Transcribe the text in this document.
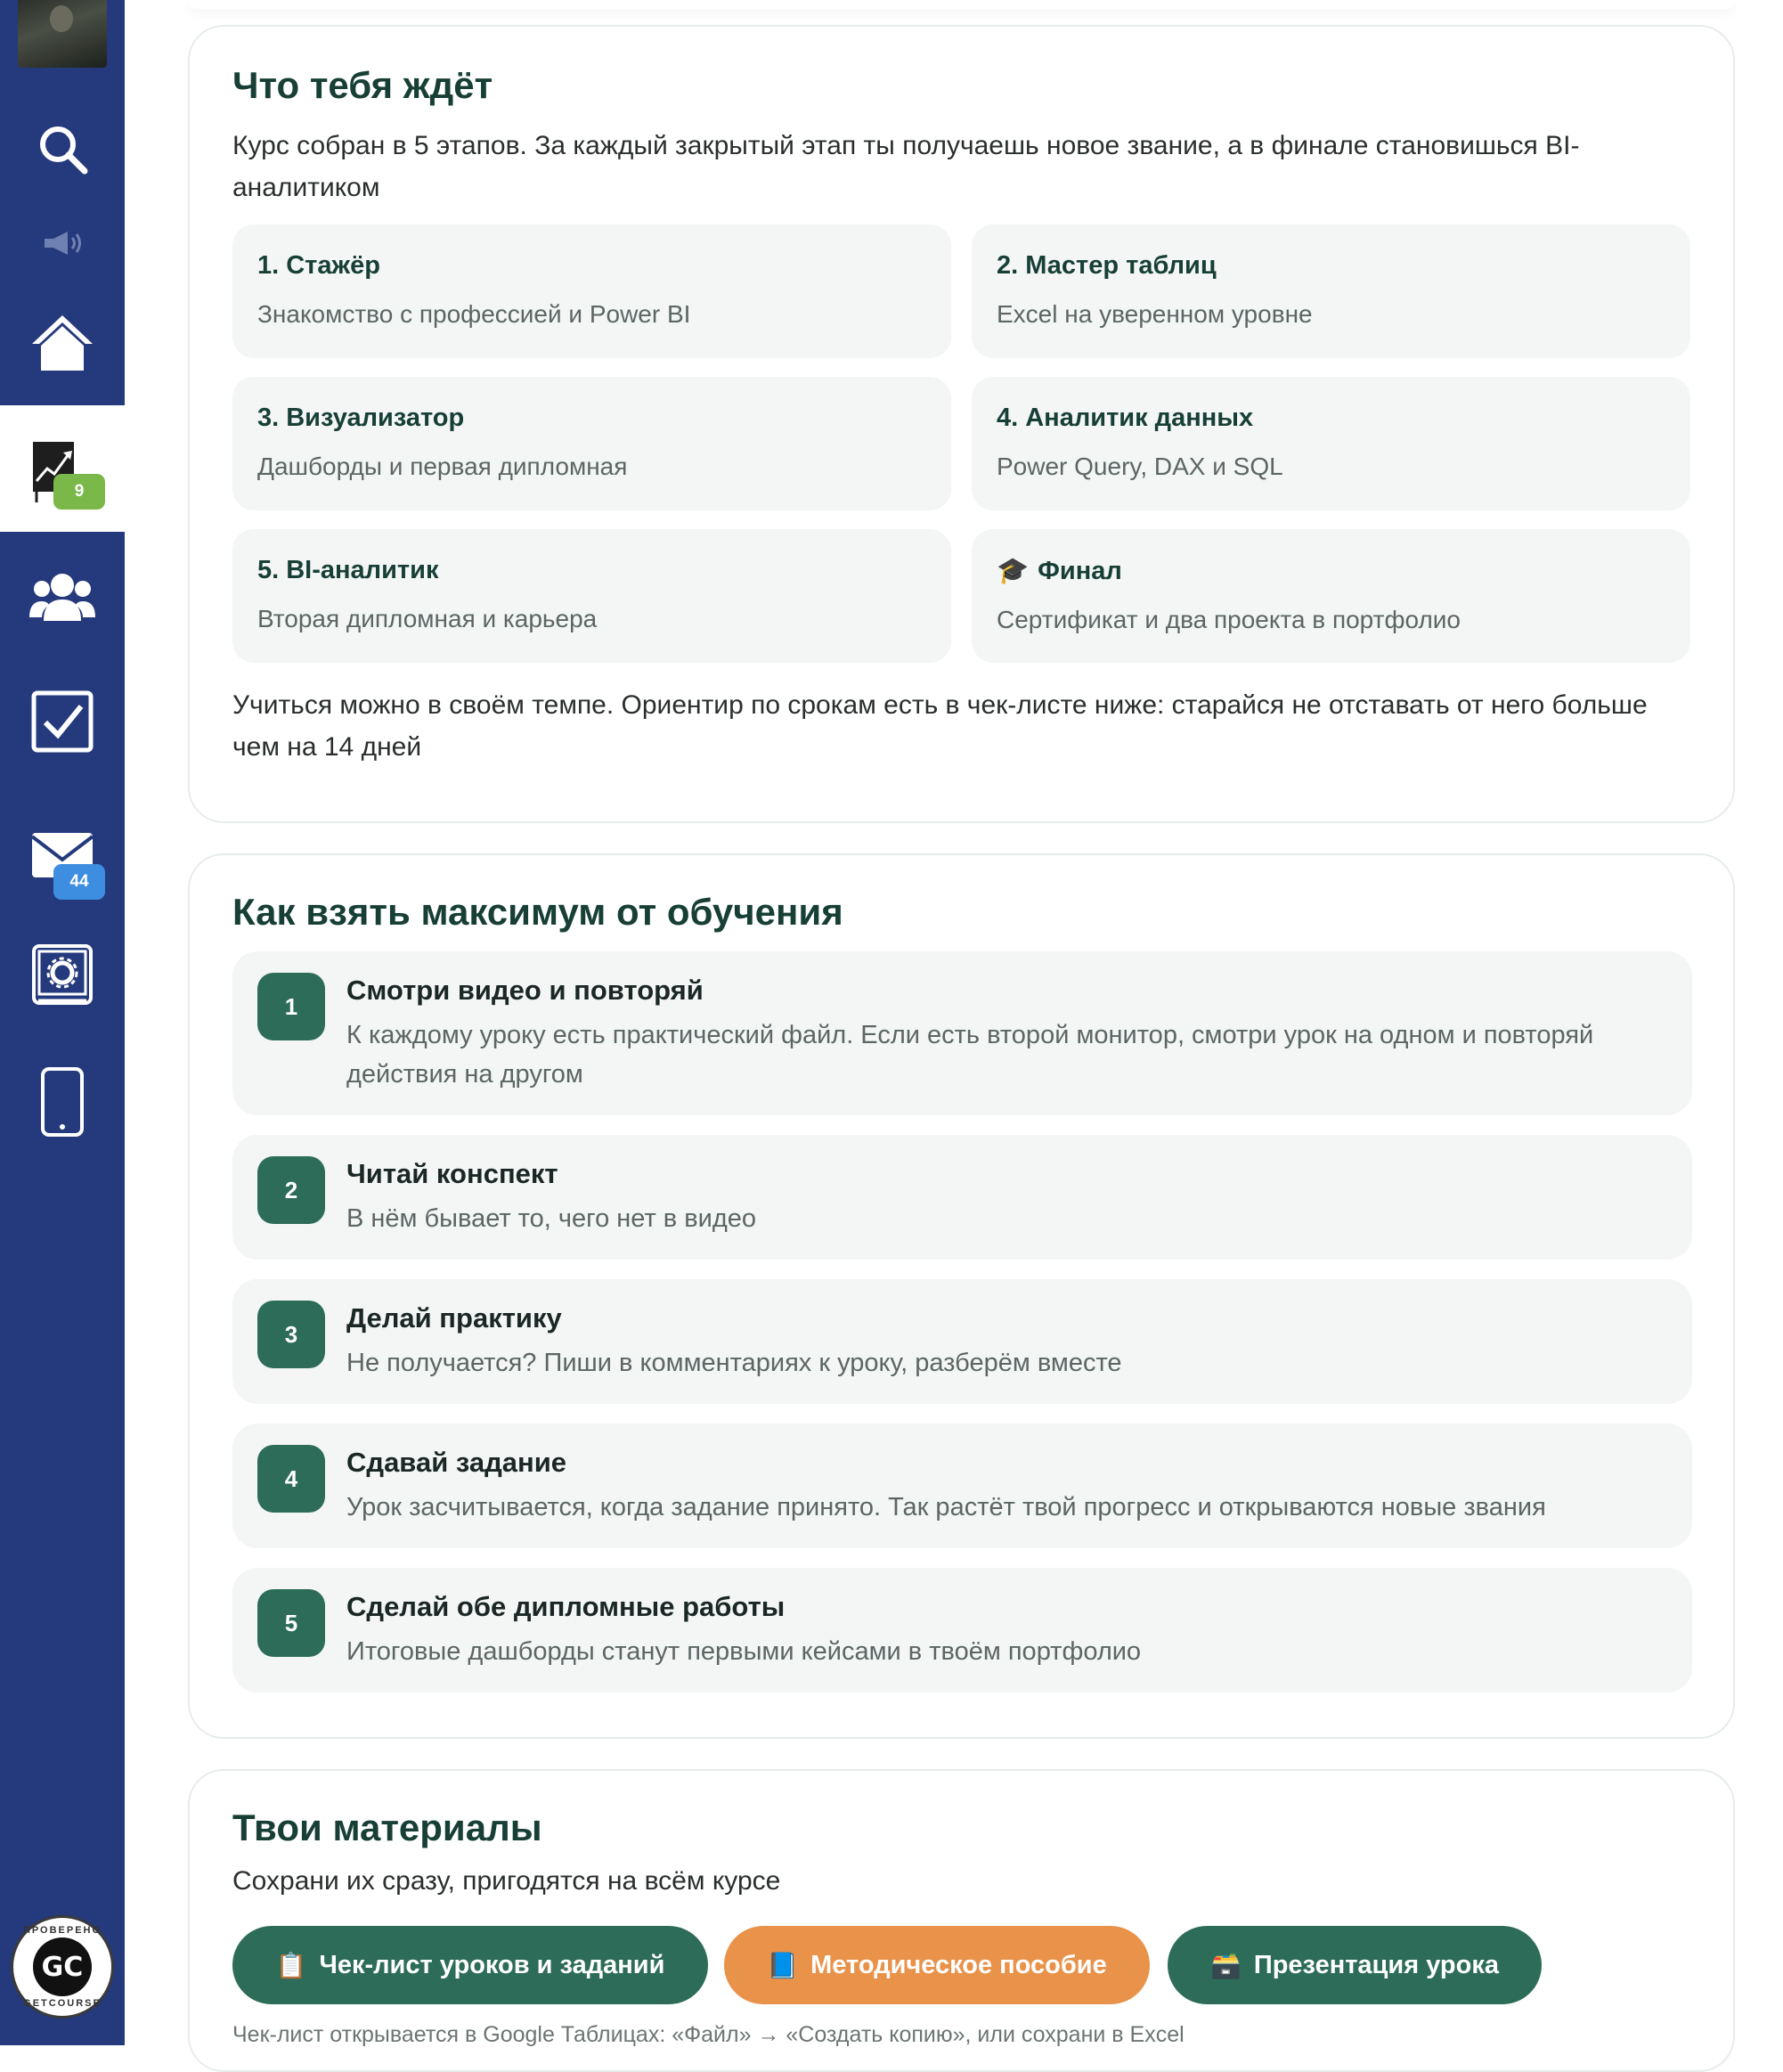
9
44
ПРОВЕРЕНО
GC
GETCOURSE
Что тебя ждёт

Курс собран в 5 этапов. За каждый закрытый этап ты получаешь новое звание, а в финале становишься BI-аналитиком

1. Стажёр
Знакомство с профессией и Power BI
2. Мастер таблиц
Excel на уверенном уровне
3. Визуализатор
Дашборды и первая дипломная
4. Аналитик данных
Power Query, DAX и SQL
5. BI-аналитик
Вторая дипломная и карьера
🎓 Финал
Сертификат и два проекта в портфолио

Учиться можно в своём темпе. Ориентир по срокам есть в чек-листе ниже: старайся не отставать от него больше чем на 14 дней

Как взять максимум от обучения
1
Смотри видео и повторяй
К каждому уроку есть практический файл. Если есть второй монитор, смотри урок на одном и повторяй действия на другом
2
Читай конспект
В нём бывает то, чего нет в видео
3
Делай практику
Не получается? Пиши в комментариях к уроку, разберём вместе
4
Сдавай задание
Урок засчитывается, когда задание принято. Так растёт твой прогресс и открываются новые звания
5
Сделай обе дипломные работы
Итоговые дашборды станут первыми кейсами в твоём портфолио
Твои материалы

Сохрани их сразу, пригодятся на всём курсе

📋 Чек-лист уроков и заданий	📘 Методическое пособие	🗃️ Презентация урока

Чек-лист открывается в Google Таблицах: «Файл» → «Создать копию», или сохрани в Excel
